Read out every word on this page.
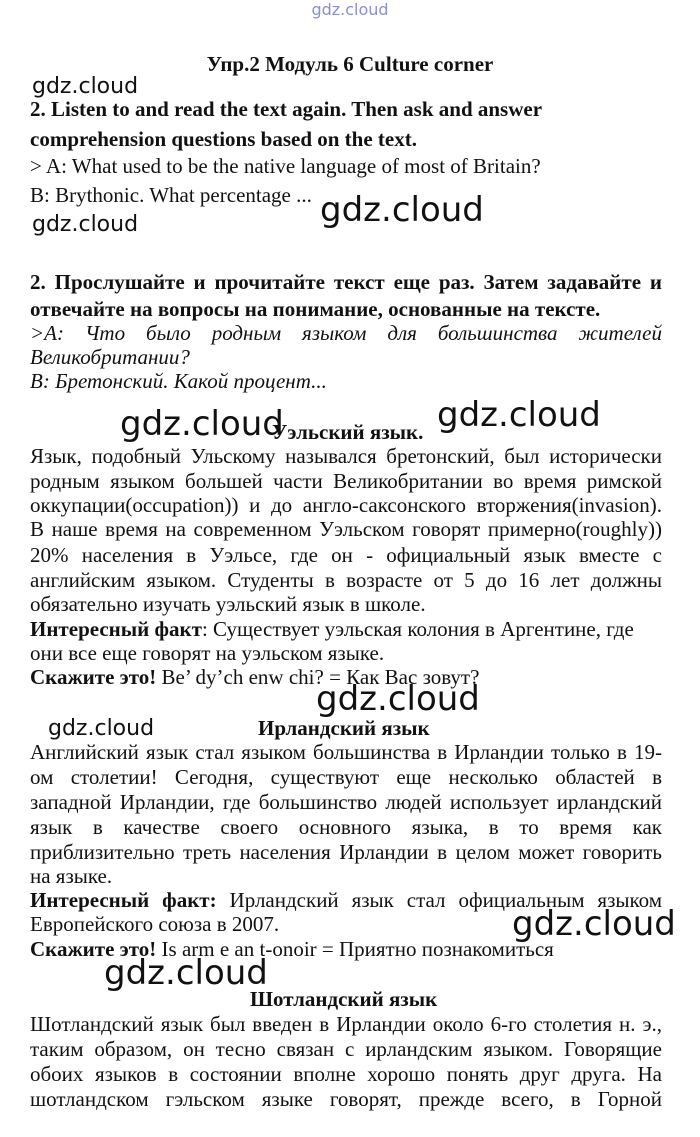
gdz.cloud
Упр.2 Модуль 6 Culture corner
gdz.cloud
2. Listen to and read the text again. Then ask and answer
comprehension questions based on the text.
> A: What used to be the native language of most of Britain?
B: Brythonic. What percentage ... gdz.cloud
gdz.cloud
2. Прослушайте и прочитайте текст еще раз. Затем задавайте и
отвечайте на вопросы на понимание, основанные на тексте.
>А: Что было родным языком для большинства жителей
Великобритании?
В: Бретонский. Какой процент...
gdz.cloud
Уэльский язык. gdz.cloud
Язык, подобный Ульскому назывался бретонский, был исторически
родным языком большей части Великобритании во время римской
оккупации(occupation)) и до англо-саксонского вторжения(invasion).
В наше время на современном Уэльском говорят примерно(roughly))
20% населения в Уэльсе, где он - официальный язык вместе с
английским языком. Студенты в возрасте от 5 до 16 лет должны
обязательно изучать уэльский язык в школе.
Интересный факт: Существует уэльская колония в Аргентине, где
они все еще говорят на уэльском языке.
Скажите это! Be’ dy’ch enw chi? = Как Вас зовут?
gdz.cloud
gdz.cloud	Ирландский язык
Английский язык стал языком большинства в Ирландии только в 19-
ом столетии! Сегодня, существуют еще несколько областей в
западной Ирландии, где большинство людей использует ирландский
язык в качестве своего основного языка, в то время как
приблизительно треть населения Ирландии в целом может говорить
на языке.
Интересный факт: Ирландский язык стал официальным языком
Европейского союза в 2007.	gdz.cloud
Скажите это! Is arm e an t-onoir = Приятно познакомиться
gdz.cloud
Шотландский язык
Шотландский язык был введен в Ирландии около 6-го столетия н. э.,
таким образом, он тесно связан с ирландским языком. Говорящие
обоих языков в состоянии вполне хорошо понять друг друга. На
шотландском гэльском языке говорят, прежде всего, в Горной
